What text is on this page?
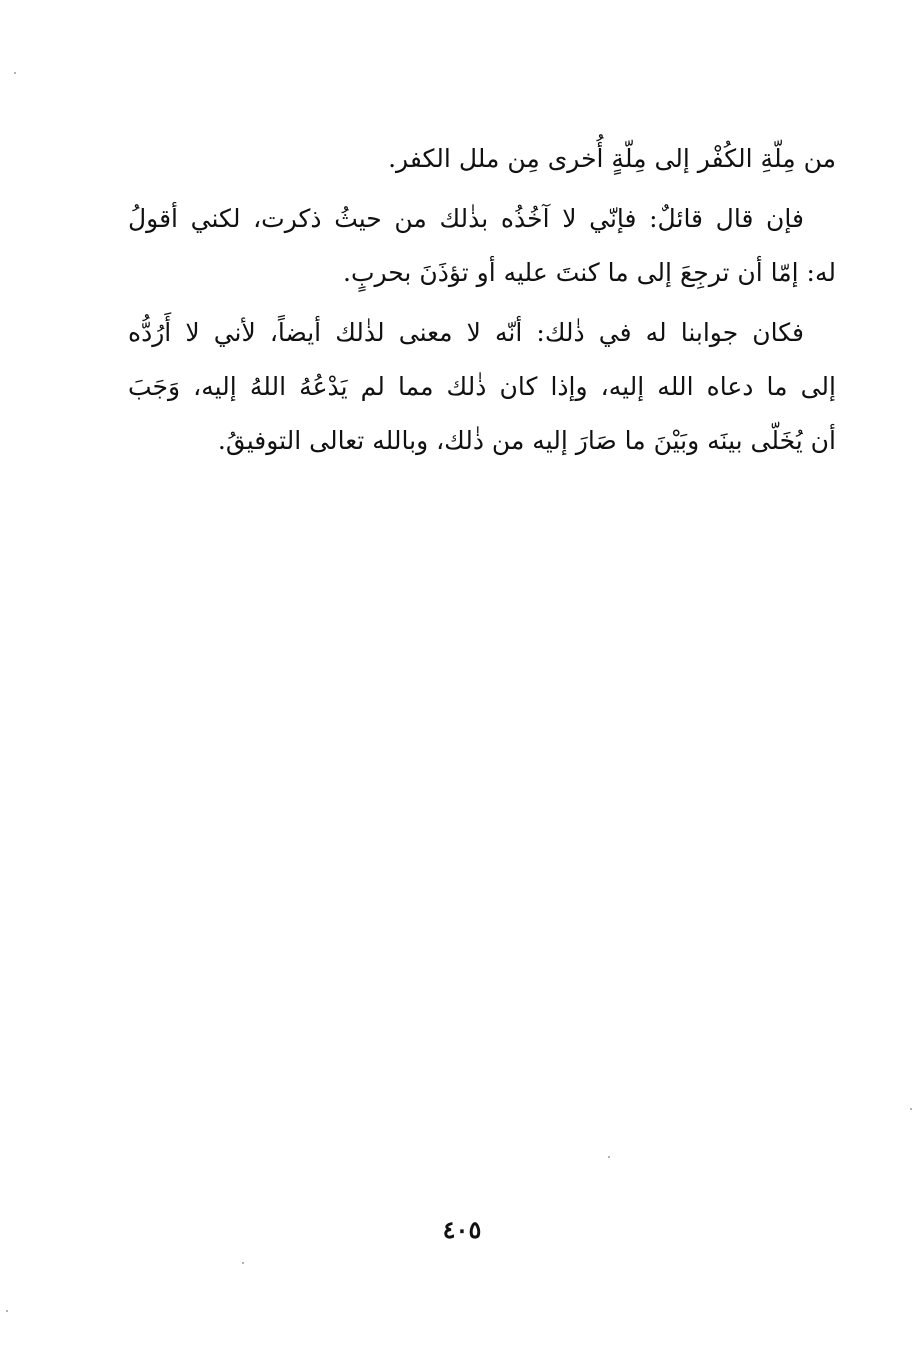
من مِلّةِ الكُفْر إلى مِلّةٍ أُخرى مِن ملل الكفر.

فإن قال قائلٌ: فإنّي لا آخُذُه بذٰلك من حيثُ ذكرت، لكني أقولُ
له: إمّا أن ترجِعَ إلى ما كنتَ عليه أو تؤذَنَ بحربٍ.

فكان جوابنا له في ذٰلك: أنّه لا معنى لذٰلك أيضاً، لأني لا أَرُدُّه
إلى ما دعاه الله إليه، وإذا كان ذٰلك مما لم يَدْعُهُ اللهُ إليه، وَجَبَ
أن يُخَلّى بينَه وبَيْنَ ما صَارَ إليه من ذٰلك، وبالله تعالى التوفيقُ.

٤٠٥
